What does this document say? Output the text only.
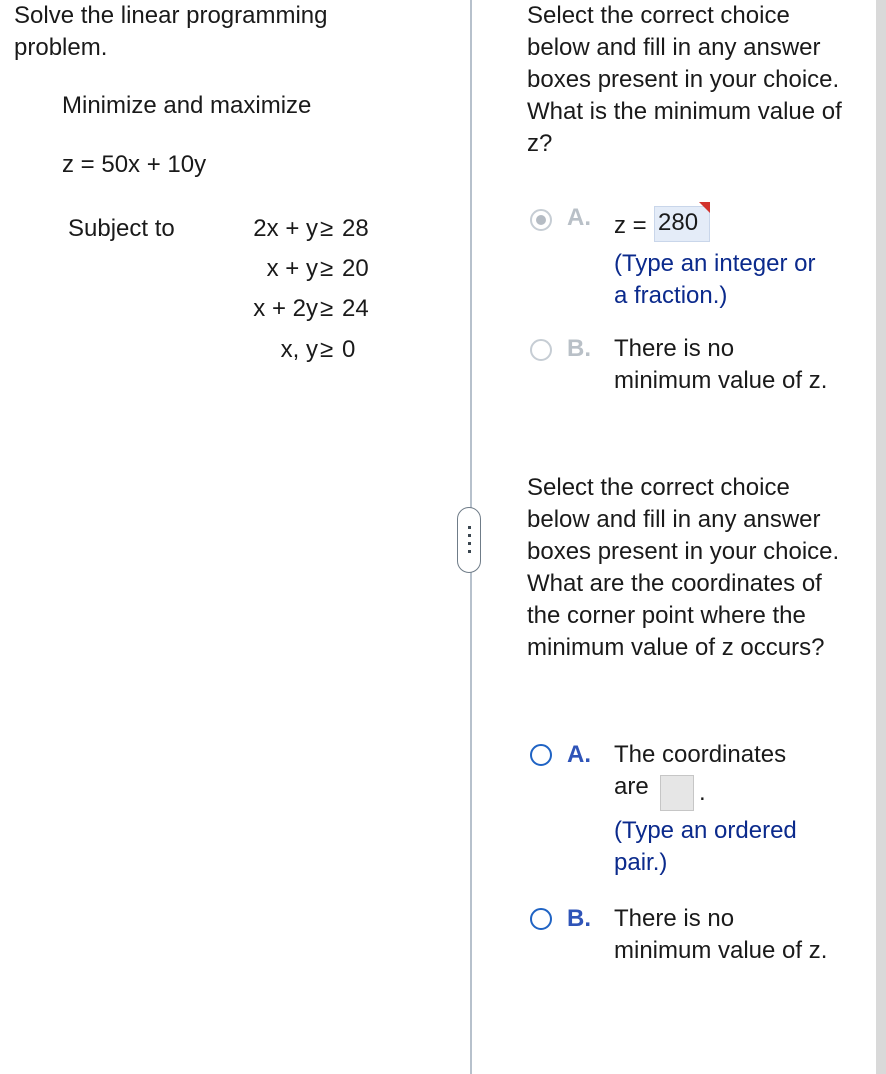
Solve the linear programming problem.
Minimize and maximize
z = 50x + 10y
Subject to	2x + y ≥ 28
x + y ≥ 20
x + 2y ≥ 24
x, y ≥ 0
Select the correct choice below and fill in any answer boxes present in your choice. What is the minimum value of z?
A. z = 280
(Type an integer or a fraction.)
B. There is no minimum value of z.
Select the correct choice below and fill in any answer boxes present in your choice. What are the coordinates of the corner point where the minimum value of z occurs?
A. The coordinates are	.
(Type an ordered pair.)
B. There is no minimum value of z.
